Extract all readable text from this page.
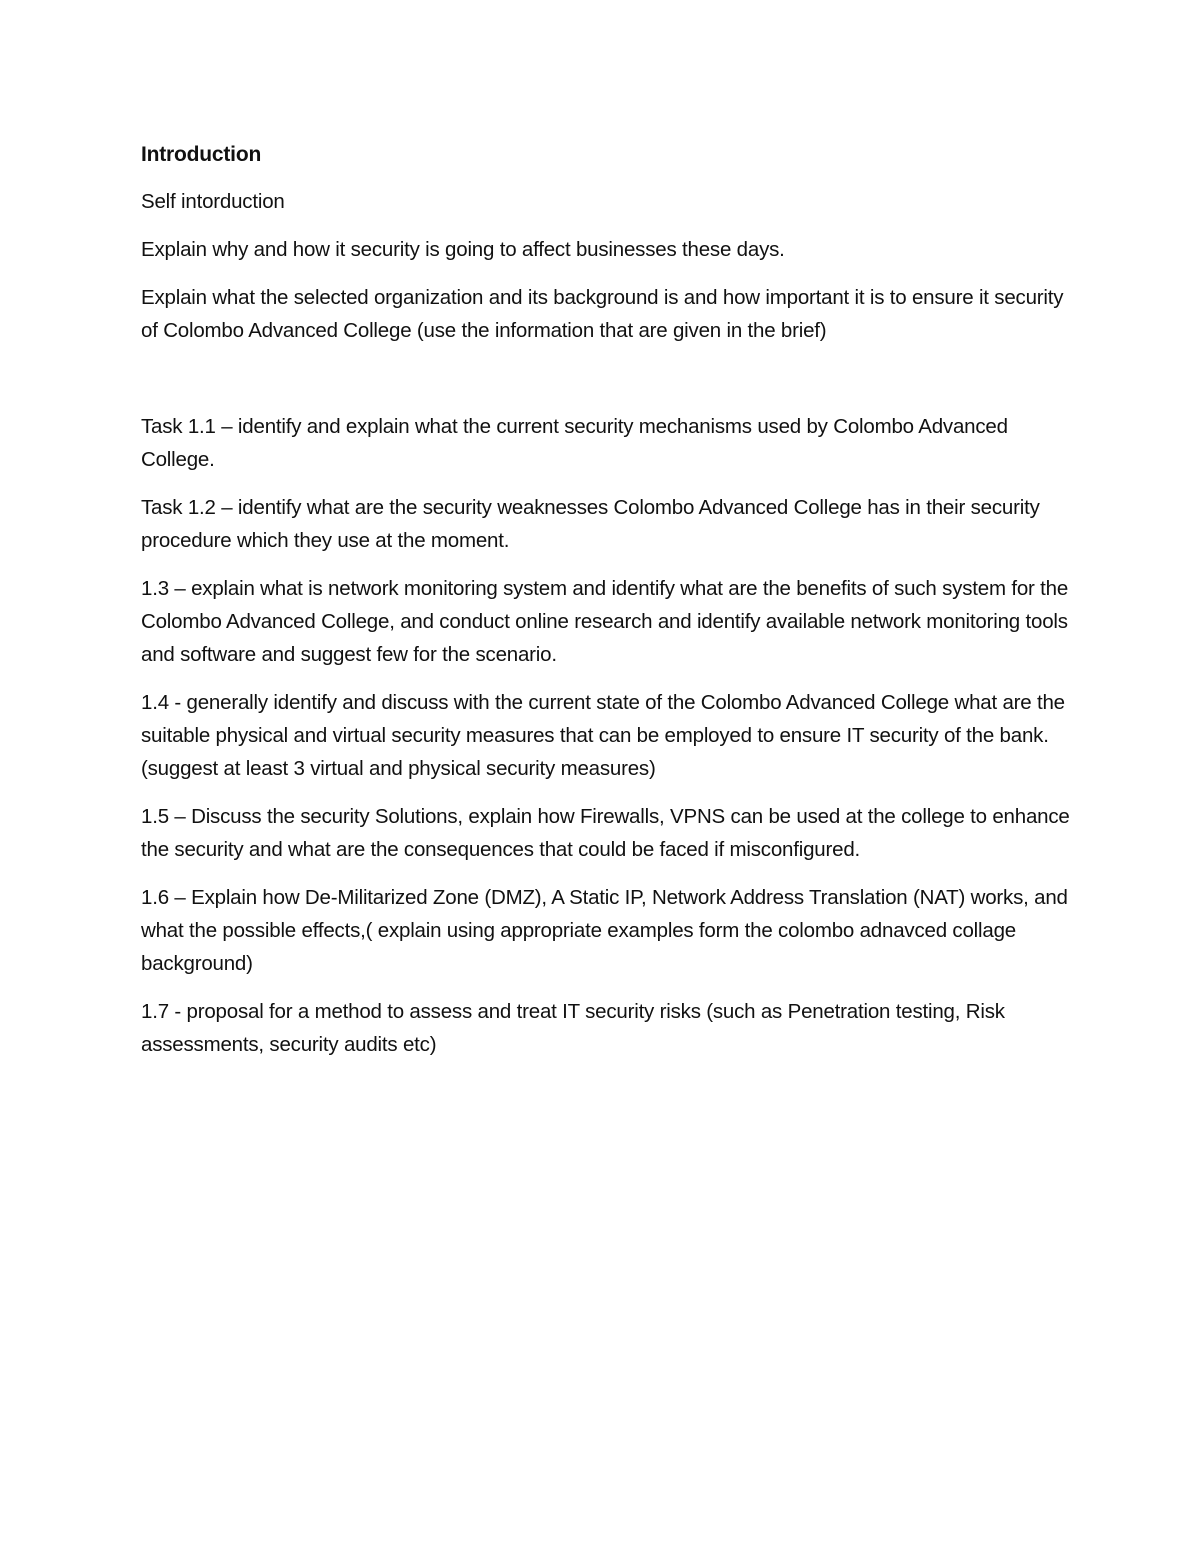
Introduction

Self intorduction

Explain why and how it security is going to affect businesses these days.

Explain what the selected organization and its background is and how important it is to ensure it security of Colombo Advanced College (use the information that are given in the brief)

Task 1.1 – identify and explain what the current security mechanisms used by Colombo Advanced College.

Task 1.2 – identify what are the security weaknesses Colombo Advanced College has in their security procedure which they use at the moment.

1.3 – explain what is network monitoring system and identify what are the benefits of such system for the Colombo Advanced College, and conduct online research and identify available network monitoring tools and software and suggest few for the scenario.

1.4 - generally identify and discuss with the current state of the Colombo Advanced College what are the suitable physical and virtual security measures that can be employed to ensure IT security of the bank. (suggest at least 3 virtual and physical security measures)

1.5 – Discuss the security Solutions, explain how Firewalls, VPNS can be used at the college to enhance the security and what are the consequences that could be faced if misconfigured.

1.6 – Explain how De-Militarized Zone (DMZ), A Static IP, Network Address Translation (NAT) works, and what the possible effects,( explain using appropriate examples form the colombo adnavced collage background)

1.7 - proposal for a method to assess and treat IT security risks (such as Penetration testing, Risk assessments, security audits etc)
